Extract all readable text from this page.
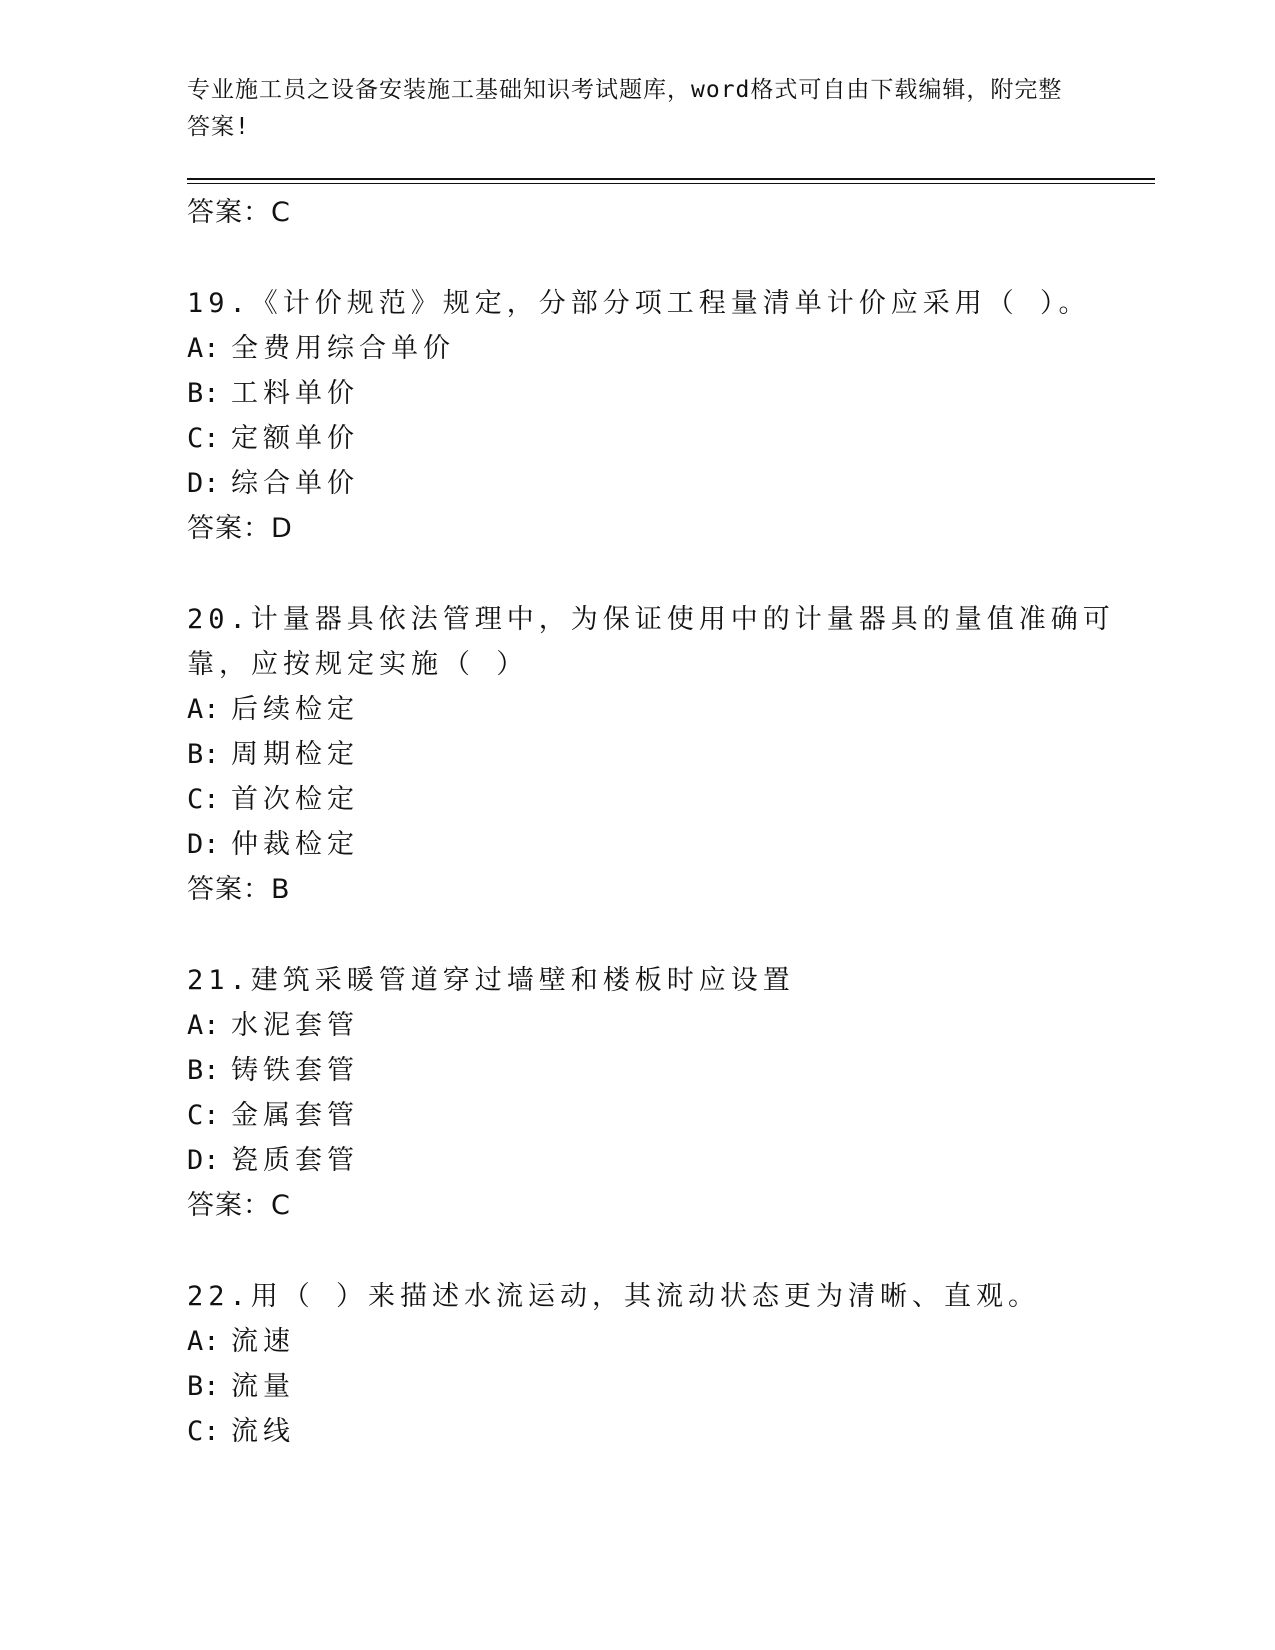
专业施工员之设备安装施工基础知识考试题库，word格式可自由下载编辑，附完整答案!
答案：C
19.《计价规范》规定，分部分项工程量清单计价应采用（ ）。
A: 全费用综合单价
B: 工料单价
C: 定额单价
D: 综合单价
答案：D
20.计量器具依法管理中，为保证使用中的计量器具的量值准确可靠，应按规定实施（ ）
A: 后续检定
B: 周期检定
C: 首次检定
D: 仲裁检定
答案：B
21.建筑采暖管道穿过墙壁和楼板时应设置
A: 水泥套管
B: 铸铁套管
C: 金属套管
D: 瓷质套管
答案：C
22.用（ ）来描述水流运动，其流动状态更为清晰、直观。
A: 流速
B: 流量
C: 流线
